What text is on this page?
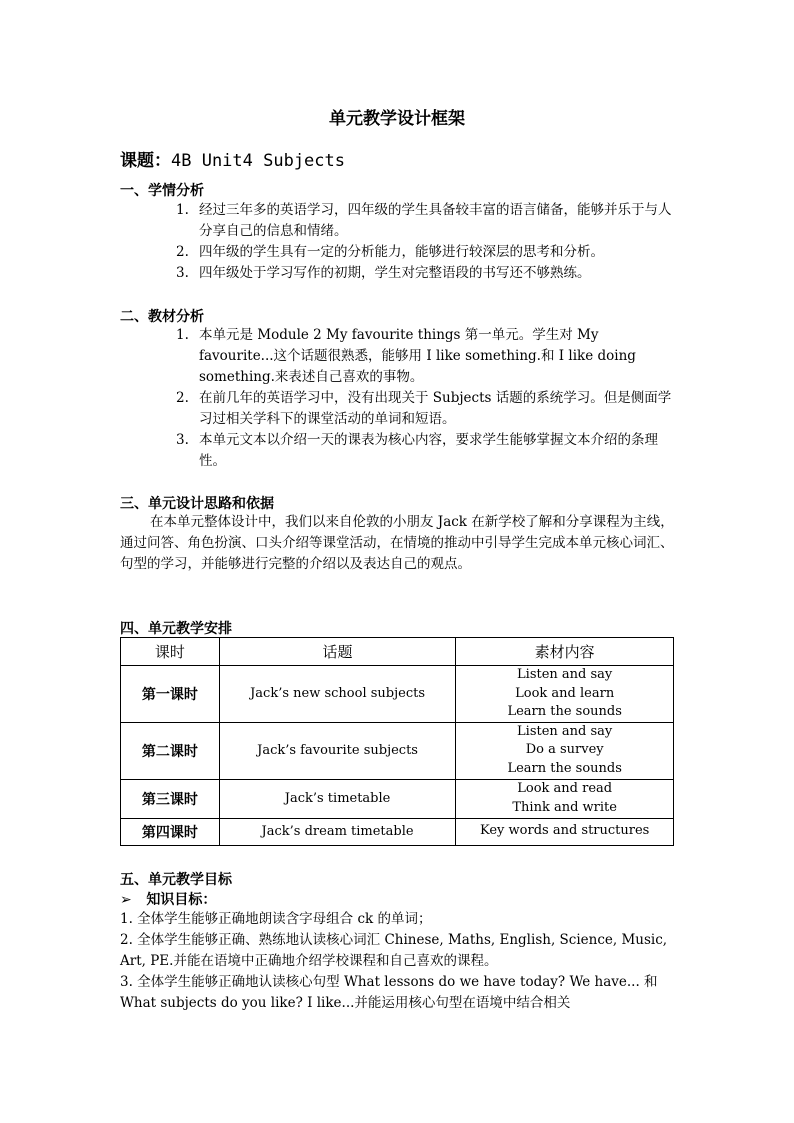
单元教学设计框架
课题：4B Unit4 Subjects
一、学情分析
1. 经过三年多的英语学习，四年级的学生具备较丰富的语言储备，能够并乐于与人分享自己的信息和情绪。
2. 四年级的学生具有一定的分析能力，能够进行较深层的思考和分析。
3. 四年级处于学习写作的初期，学生对完整语段的书写还不够熟练。
二、教材分析
1. 本单元是 Module 2 My favourite things 第一单元。学生对 My favourite...这个话题很熟悉，能够用 I like something.和 I like doing something.来表述自己喜欢的事物。
2. 在前几年的英语学习中，没有出现关于 Subjects 话题的系统学习。但是侧面学习过相关学科下的课堂活动的单词和短语。
3. 本单元文本以介绍一天的课表为核心内容，要求学生能够掌握文本介绍的条理性。
三、单元设计思路和依据
在本单元整体设计中，我们以来自伦敦的小朋友 Jack 在新学校了解和分享课程为主线，通过问答、角色扮演、口头介绍等课堂活动，在情境的推动中引导学生完成本单元核心词汇、句型的学习，并能够进行完整的介绍以及表达自己的观点。
四、单元教学安排
课时	话题	素材内容
第一课时	Jack’s new school subjects	Listen and say
Look and learn
Learn the sounds

第二课时	Jack’s favourite subjects	Listen and say
Do a survey
Learn the sounds

第三课时	Jack’s timetable	Look and read
Think and write

第四课时	Jack’s dream timetable	Key words and structures
五、单元教学目标
➢ 知识目标：
1. 全体学生能够正确地朗读含字母组合 ck 的单词；
2. 全体学生能够正确、熟练地认读核心词汇 Chinese, Maths, English, Science, Music, Art, PE.并能在语境中正确地介绍学校课程和自己喜欢的课程。
3. 全体学生能够正确地认读核心句型 What lessons do we have today? We have... 和 What subjects do you like? I like...并能运用核心句型在语境中结合相关
